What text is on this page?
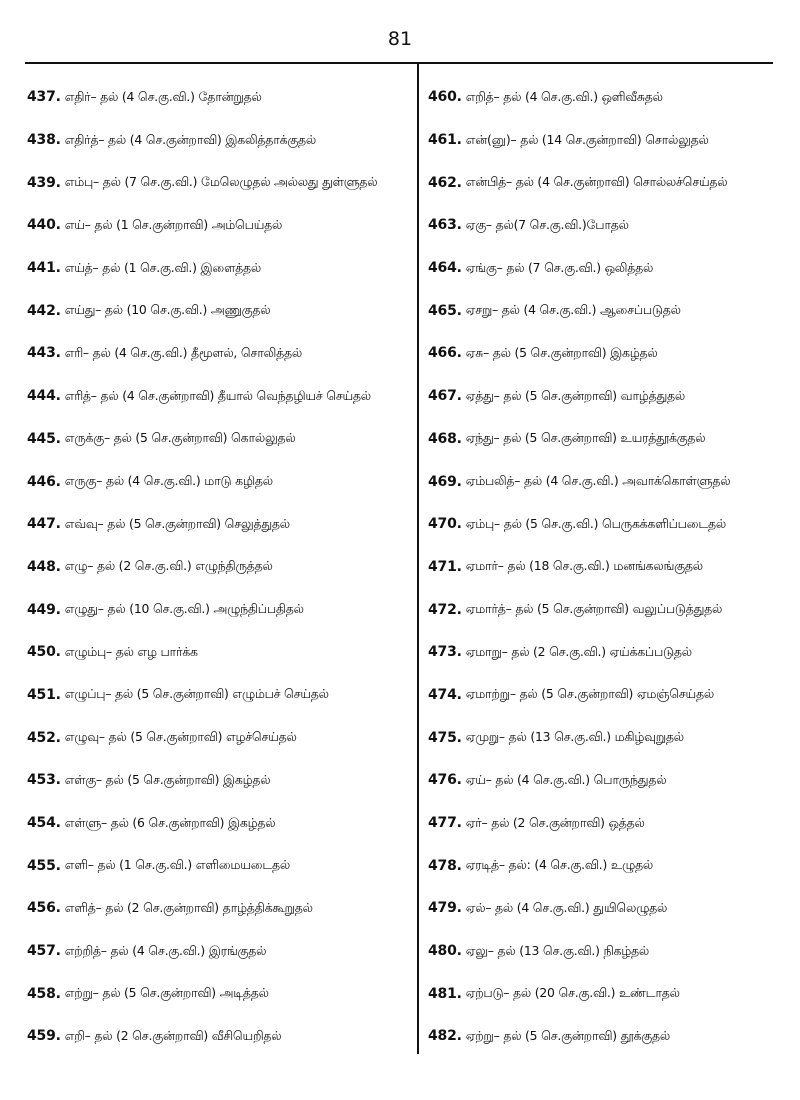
81
437. எதிர்– தல் (4 செ.கு.வி.) தோன்றுதல்
438. எதிர்த்– தல் (4 செ.குன்றாவி) இகலித்தாக்குதல்
439. எம்பு– தல் (7 செ.கு.வி.) மேலெழுதல் அல்லது துள்ளுதல்
440. எய்– தல் (1 செ.குன்றாவி) அம்பெய்தல்
441. எய்த்– தல் (1 செ.கு.வி.) இளைத்தல்
442. எய்து– தல் (10 செ.கு.வி.) அணுகுதல்
443. எரி– தல் (4 செ.கு.வி.) தீமூளல், சொலித்தல்
444. எரித்– தல் (4 செ.குன்றாவி) தீயால் வெந்தழியச் செய்தல்
445. எருக்கு– தல் (5 செ.குன்றாவி) கொல்லுதல்
446. எருகு– தல் (4 செ.கு.வி.) மாடு கழிதல்
447. எவ்வு– தல் (5 செ.குன்றாவி) செலுத்துதல்
448. எழு– தல் (2 செ.கு.வி.) எழுந்திருத்தல்
449. எழுது– தல் (10 செ.கு.வி.) அழுந்திப்பதிதல்
450. எழும்பு– தல் எழ பார்க்க
451. எழுப்பு– தல் (5 செ.குன்றாவி) எழும்பச் செய்தல்
452. எழுவு– தல் (5 செ.குன்றாவி) எழச்செய்தல்
453. எள்கு– தல் (5 செ.குன்றாவி) இகழ்தல்
454. எள்ளு– தல் (6 செ.குன்றாவி) இகழ்தல்
455. எளி– தல் (1 செ.கு.வி.) எளிமையடைதல்
456. எளித்– தல் (2 செ.குன்றாவி) தாழ்த்திக்கூறுதல்
457. எற்றித்– தல் (4 செ.கு.வி.) இரங்குதல்
458. எற்று– தல் (5 செ.குன்றாவி) அடித்தல்
459. எறி– தல் (2 செ.குன்றாவி) வீசியெறிதல்
460. எறித்– தல் (4 செ.கு.வி.) ஒளிவீசுதல்
461. என்(னு)– தல் (14 செ.குன்றாவி) சொல்லுதல்
462. என்பித்– தல் (4 செ.குன்றாவி) சொல்லச்செய்தல்
463. ஏகு– தல்(7 செ.கு.வி.)போதல்
464. ஏங்கு– தல் (7 செ.கு.வி.) ஒலித்தல்
465. ஏசறு– தல் (4 செ.கு.வி.) ஆசைப்படுதல்
466. ஏசு– தல் (5 செ.குன்றாவி) இகழ்தல்
467. ஏத்து– தல் (5 செ.குன்றாவி) வாழ்த்துதல்
468. ஏந்து– தல் (5 செ.குன்றாவி) உயரத்தூக்குதல்
469. ஏம்பலித்– தல் (4 செ.கு.வி.) அவாக்கொள்ளுதல்
470. ஏம்பு– தல் (5 செ.கு.வி.) பெருகக்களிப்படைதல்
471. ஏமார்– தல் (18 செ.கு.வி.) மனங்கலங்குதல்
472. ஏமார்த்– தல் (5 செ.குன்றாவி) வலுப்படுத்துதல்
473. ஏமாறு– தல் (2 செ.கு.வி.) ஏய்க்கப்படுதல்
474. ஏமாற்று– தல் (5 செ.குன்றாவி) ஏமஞ்செய்தல்
475. ஏமுறு– தல் (13 செ.கு.வி.) மகிழ்வுறுதல்
476. ஏய்– தல் (4 செ.கு.வி.) பொருந்துதல்
477. ஏர்– தல் (2 செ.குன்றாவி) ஒத்தல்
478. ஏரடித்– தல்: (4 செ.கு.வி.) உழுதல்
479. ஏல்– தல் (4 செ.கு.வி.) துயிலெழுதல்
480. ஏலு– தல் (13 செ.கு.வி.) நிகழ்தல்
481. ஏற்படு– தல் (20 செ.கு.வி.) உண்டாதல்
482. ஏற்று– தல் (5 செ.குன்றாவி) தூக்குதல்
